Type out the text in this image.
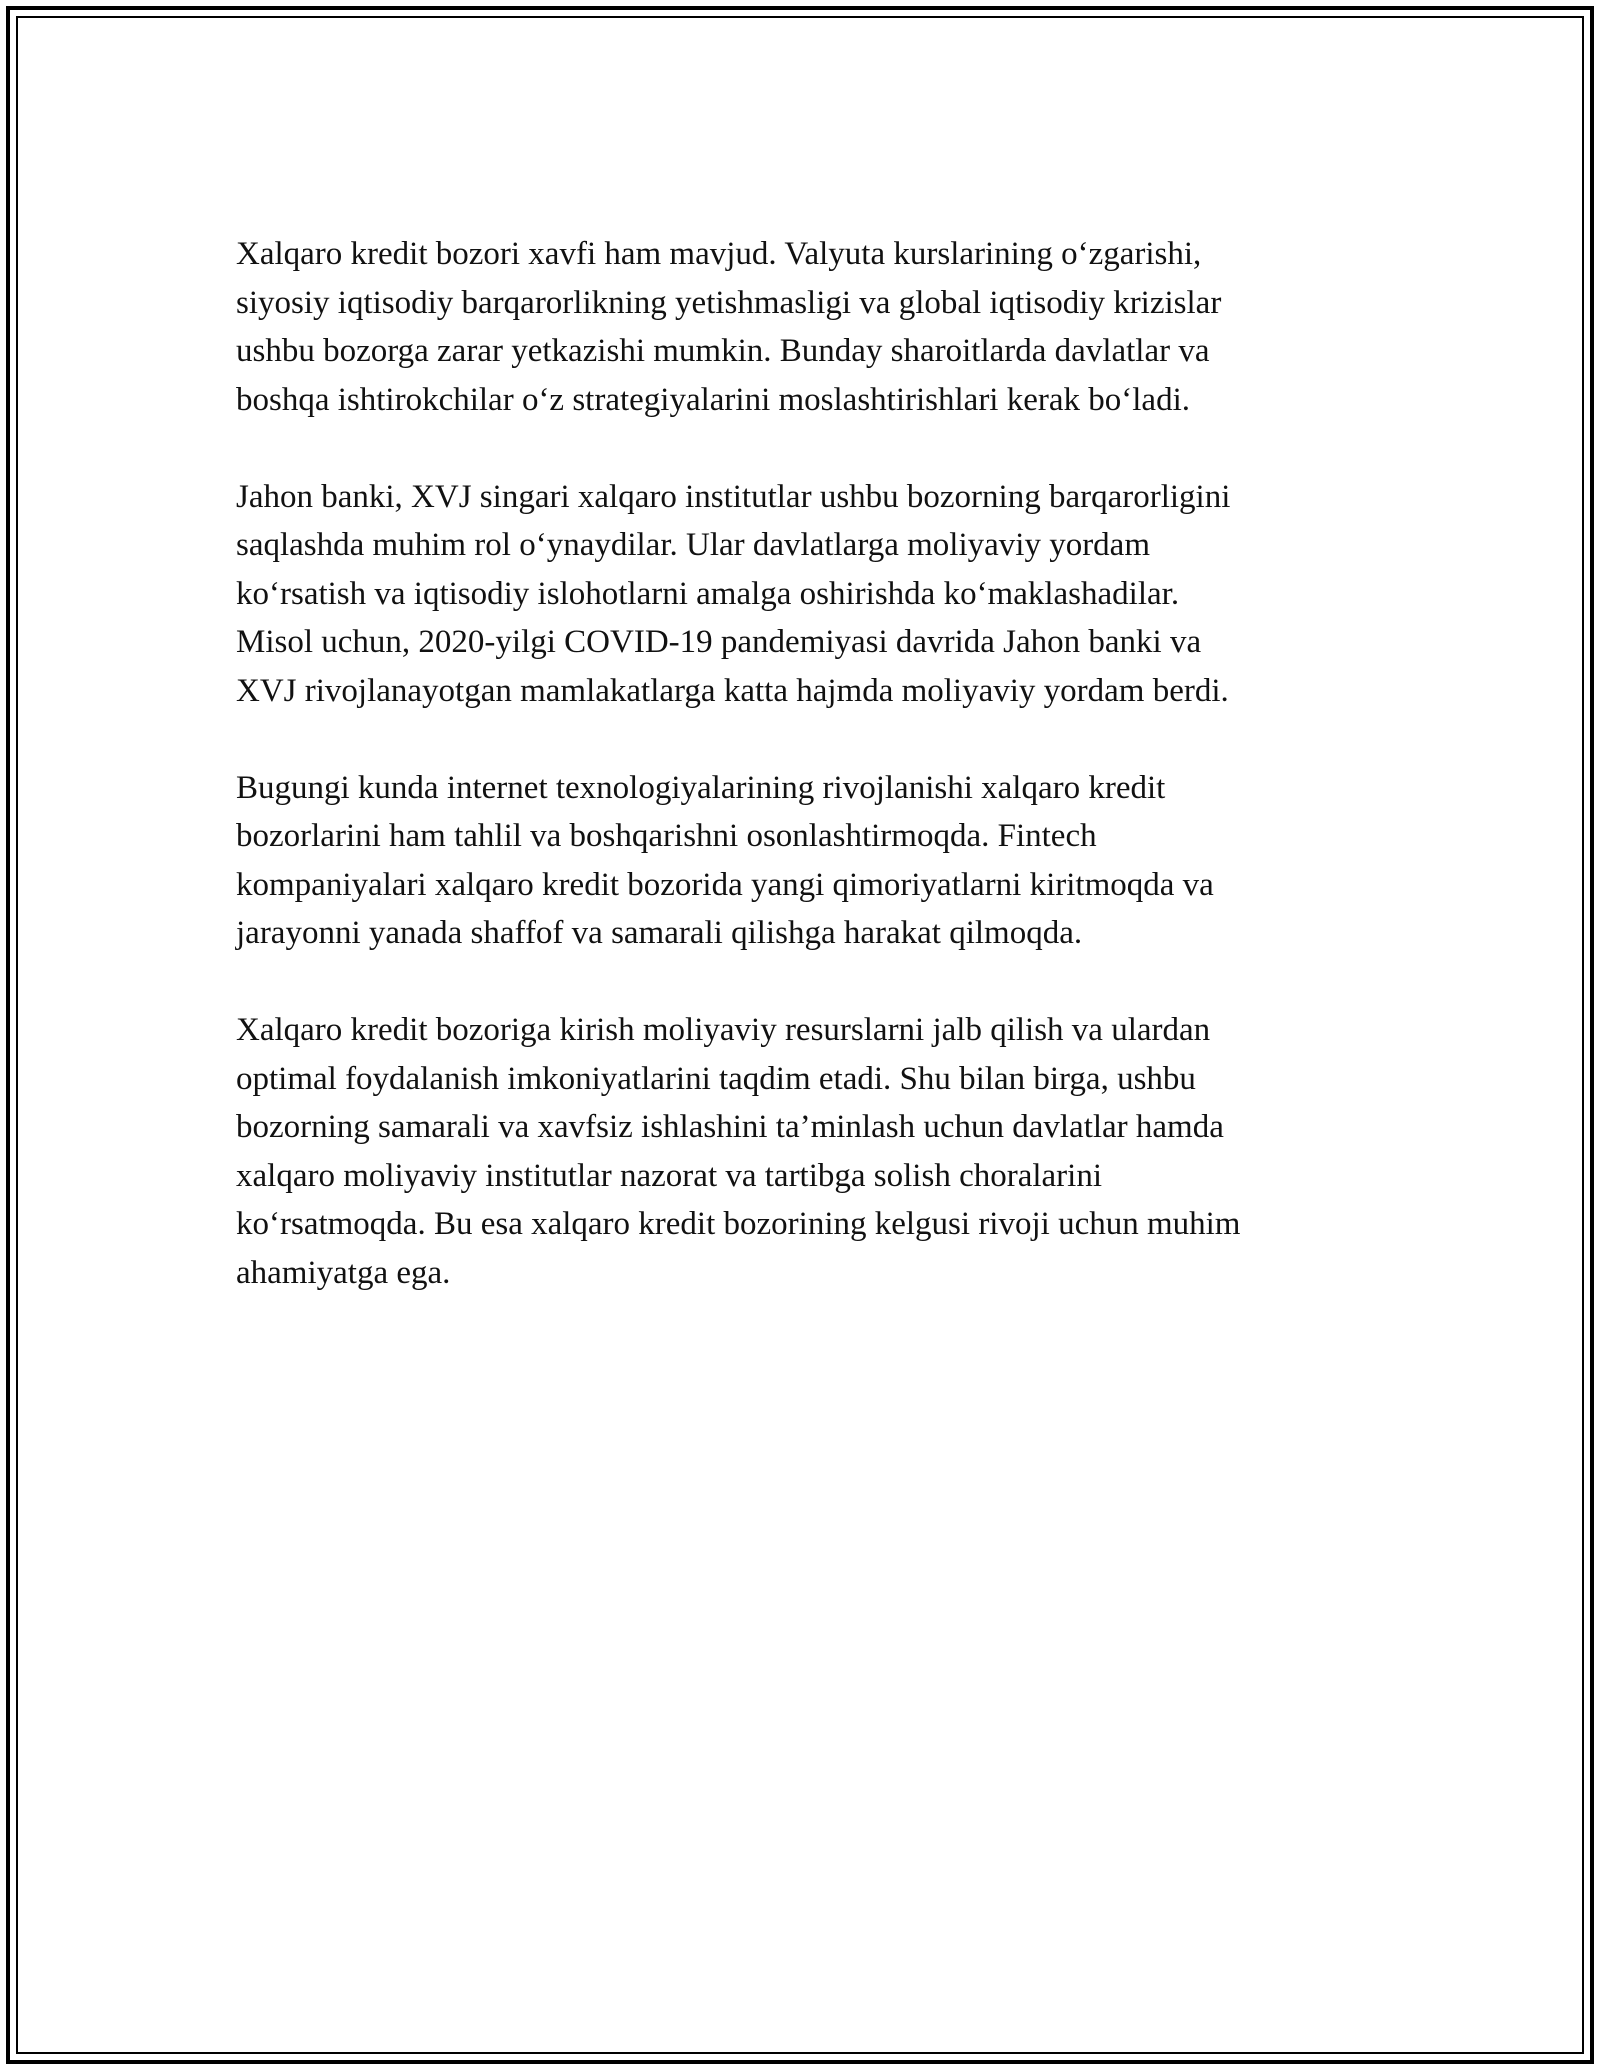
Xalqaro kredit bozori xavfi ham mavjud. Valyuta kurslarining o‘zgarishi,
siyosiy iqtisodiy barqarorlikning yetishmasligi va global iqtisodiy krizislar
ushbu bozorga zarar yetkazishi mumkin. Bunday sharoitlarda davlatlar va
boshqa ishtirokchilar o‘z strategiyalarini moslashtirishlari kerak bo‘ladi.

Jahon banki, XVJ singari xalqaro institutlar ushbu bozorning barqarorligini
saqlashda muhim rol o‘ynaydilar. Ular davlatlarga moliyaviy yordam
ko‘rsatish va iqtisodiy islohotlarni amalga oshirishda ko‘maklashadilar.
Misol uchun, 2020-yilgi COVID-19 pandemiyasi davrida Jahon banki va
XVJ rivojlanayotgan mamlakatlarga katta hajmda moliyaviy yordam berdi.

Bugungi kunda internet texnologiyalarining rivojlanishi xalqaro kredit
bozorlarini ham tahlil va boshqarishni osonlashtirmoqda. Fintech
kompaniyalari xalqaro kredit bozorida yangi qimoriyatlarni kiritmoqda va
jarayonni yanada shaffof va samarali qilishga harakat qilmoqda.

Xalqaro kredit bozoriga kirish moliyaviy resurslarni jalb qilish va ulardan
optimal foydalanish imkoniyatlarini taqdim etadi. Shu bilan birga, ushbu
bozorning samarali va xavfsiz ishlashini ta’minlash uchun davlatlar hamda
xalqaro moliyaviy institutlar nazorat va tartibga solish choralarini
ko‘rsatmoqda. Bu esa xalqaro kredit bozorining kelgusi rivoji uchun muhim
ahamiyatga ega.
